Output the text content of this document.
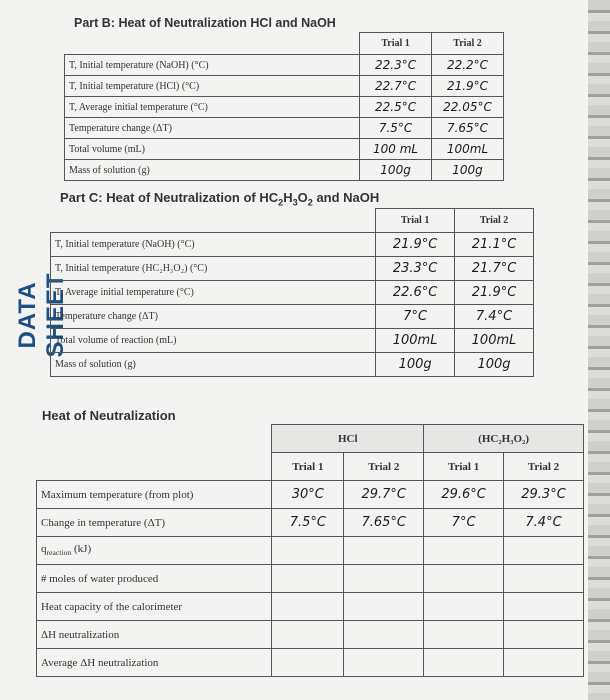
DATA SHEET
Part B: Heat of Neutralization HCl and NaOH
	Trial 1	Trial 2
T, Initial temperature (NaOH) (°C)	22.3°C	22.2°C
T, Initial temperature (HCl) (°C)	22.7°C	21.9°C
T, Average initial temperature (°C)	22.5°C	22.05°C
Temperature change (ΔT)	7.5°C	7.65°C
Total volume (mL)	100 mL	100mL
Mass of solution (g)	100g	100g
Part C: Heat of Neutralization of $HC_2H_3O_2$ and NaOH
	Trial 1	Trial 2
T, Initial temperature (NaOH) (°C)	21.9°C	21.1°C
T, Initial temperature (HC₂H₃O₂) (°C)	23.3°C	21.7°C
T, Average initial temperature (°C)	22.6°C	21.9°C
Temperature change (ΔT)	7°C	7.4°C
Total volume of reaction (mL)	100mL	100mL
Mass of solution (g)	100g	100g
Heat of Neutralization
	HCl		(HC₂H₃O₂)	
	Trial 1	Trial 2	Trial 1	Trial 2
Maximum temperature (from plot)	30°C	29.7°C	29.6°C	29.3°C
Change in temperature (ΔT)	7.5°C	7.65°C	7°C	7.4°C
$q_{reaction}$ (kJ)				
# moles of water produced				
Heat capacity of the calorimeter				
ΔH neutralization				
Average ΔH neutralization				
